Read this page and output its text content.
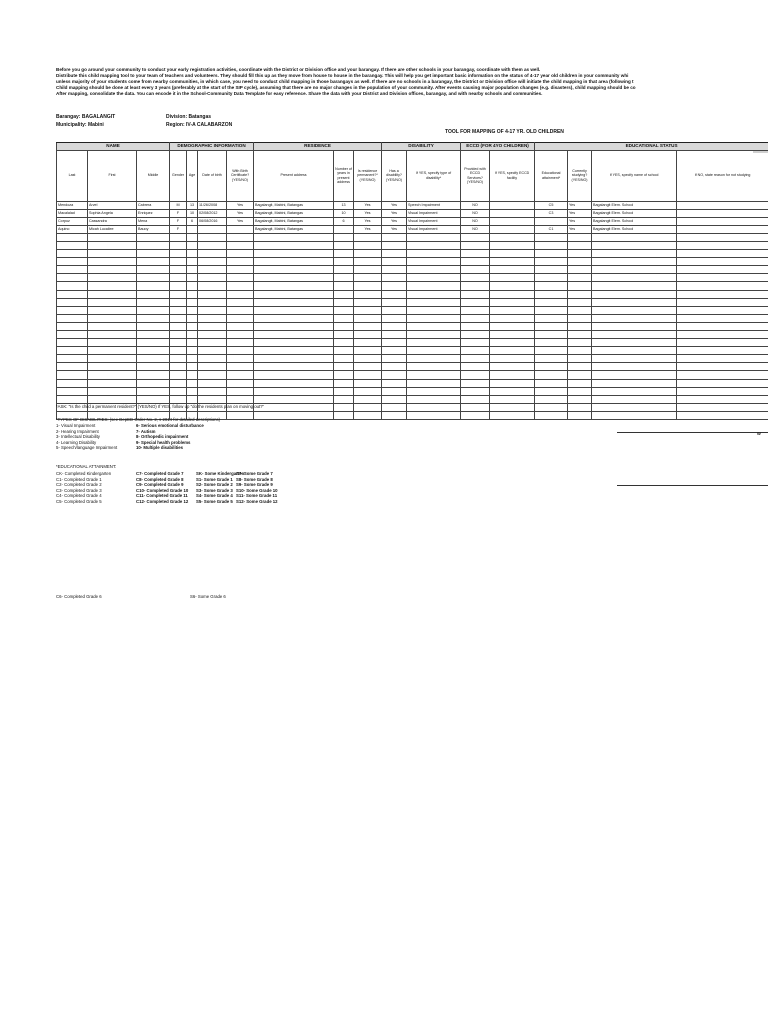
Before you go around your community to conduct your early registration activities, coordinate with the District or Division office and your barangay. If there are other schools in your barangay, coordinate with them as well.
Distribute this child mapping tool to your team of teachers and volunteers. They should fill this up as they move from house to house in the barangay. This will help you get important basic information on the status of 4-17 year old children in your community whi
unless majority of your students come from nearby communities, in which case, you need to conduct child mapping in those barangays as well. If there are no schools in a barangay, the District or Division office will initiate the child mapping in that area (following t
Child mapping should be done at least every 3 years (preferably at the start of the SIP cycle), assuming that there are no major changes in the population of your community. After events causing major population changes (e.g. disasters), child mapping should be co
After mapping, consolidate the data. You can encode it in the School-Community Data Template for easy reference. Share the data with your District and Division offices, barangay, and with nearby schools and communities.
Barangay: BAGALANGIT
Municipality: Mabini
Division: Batangas
Region: IV-A CALABARZON
TOOL FOR MAPPING OF 4-17 YR. OLD CHILDREN
NAME			DEMOGRAPHIC INFORMATION				RESIDENCE			DISABILITY		ECCD (FOR 4YO CHILDREN)		EDUCATIONAL STATUS			
Last	First	Middle	Gender	Age	Date of birth	With Birth Certificate? (YES/NO)	Present address	Number of years in present address	Is residence permanent?* (YES/NO)	Has a disability? (YES/NO)	If YES, specify type of disability*	Provided with ECCD Services? (YES/NO)	If YES, specify ECCD facility	Educational attainment*	Currently studying? (YES/NO)	If YES, specify name of school	If NO, state reason for not studying
Mendoza	Arvel	Cabrera	M	13	11/26/2008	Yes	Bagalangit, Mabini, Batangas	13	Yes	Yes	Speech Impairment	NO		C5	Yes	Bagalangit Elem. School	
Macalalad	Sophia Angela	Enriquez	F	10	02/08/2012	Yes	Bagalangit, Mabini, Batangas	10	Yes	Yes	Visual Impairment	NO		C3	Yes	Bagalangit Elem. School	
Corpuz	Cassandra	Mena	F	6	06/08/2016	Yes	Bagalangit, Mabini, Batangas	6	Yes	Yes	Visual Impairment	NO			Yes	Bagalangit Elem. School	
Aquino	Micah Lucailee	Bauoy	F				Bagalangit, Mabini, Batangas		Yes	Yes	Visual Impairment	NO		C1	Yes	Bagalangit Elem. School	

*ASK: "Is the child a permanent resident?" (YES/NO) If YES, follow up "do the residents plan on moving out?"
*TYPES OF DISABILITIES: (see DepED Order No. 2, s 2014 for detailed descriptions)
1- Visual Impairment
2- Hearing Impairment
3- Intellectual Disability
4- Learning Disability
5- Speech/language Impairment
6- Serious emotional disturbance
7- Autism
8- Orthopedic impairment
9- Special health problems
10- Multiple disabilities
*EDUCATIONAL ATTAINMENT:
CK- Completed Kindergarten
C1- Completed Grade 1
C2- Completed Grade 2
C3- Completed Grade 3
C4- Completed Grade 4
C5- Completed Grade 5
C7- Completed Grade 7
C8- Completed Grade 8
C9- Completed Grade 9
C10- Completed Grade 10
C11- Completed Grade 11
C12- Completed Grade 12
SK- Some Kindergarten
S1- Some Grade 1
S2- Some Grade 2
S3- Some Grade 3
S4- Some Grade 4
S5- Some Grade 5
S7- Some Grade 7
S8- Some Grade 8
S9- Some Grade 9
S10- Some Grade 10
S11- Some Grade 11
S12- Some Grade 12
W
C6- Completed Grade 6	S6- Some Grade 6
